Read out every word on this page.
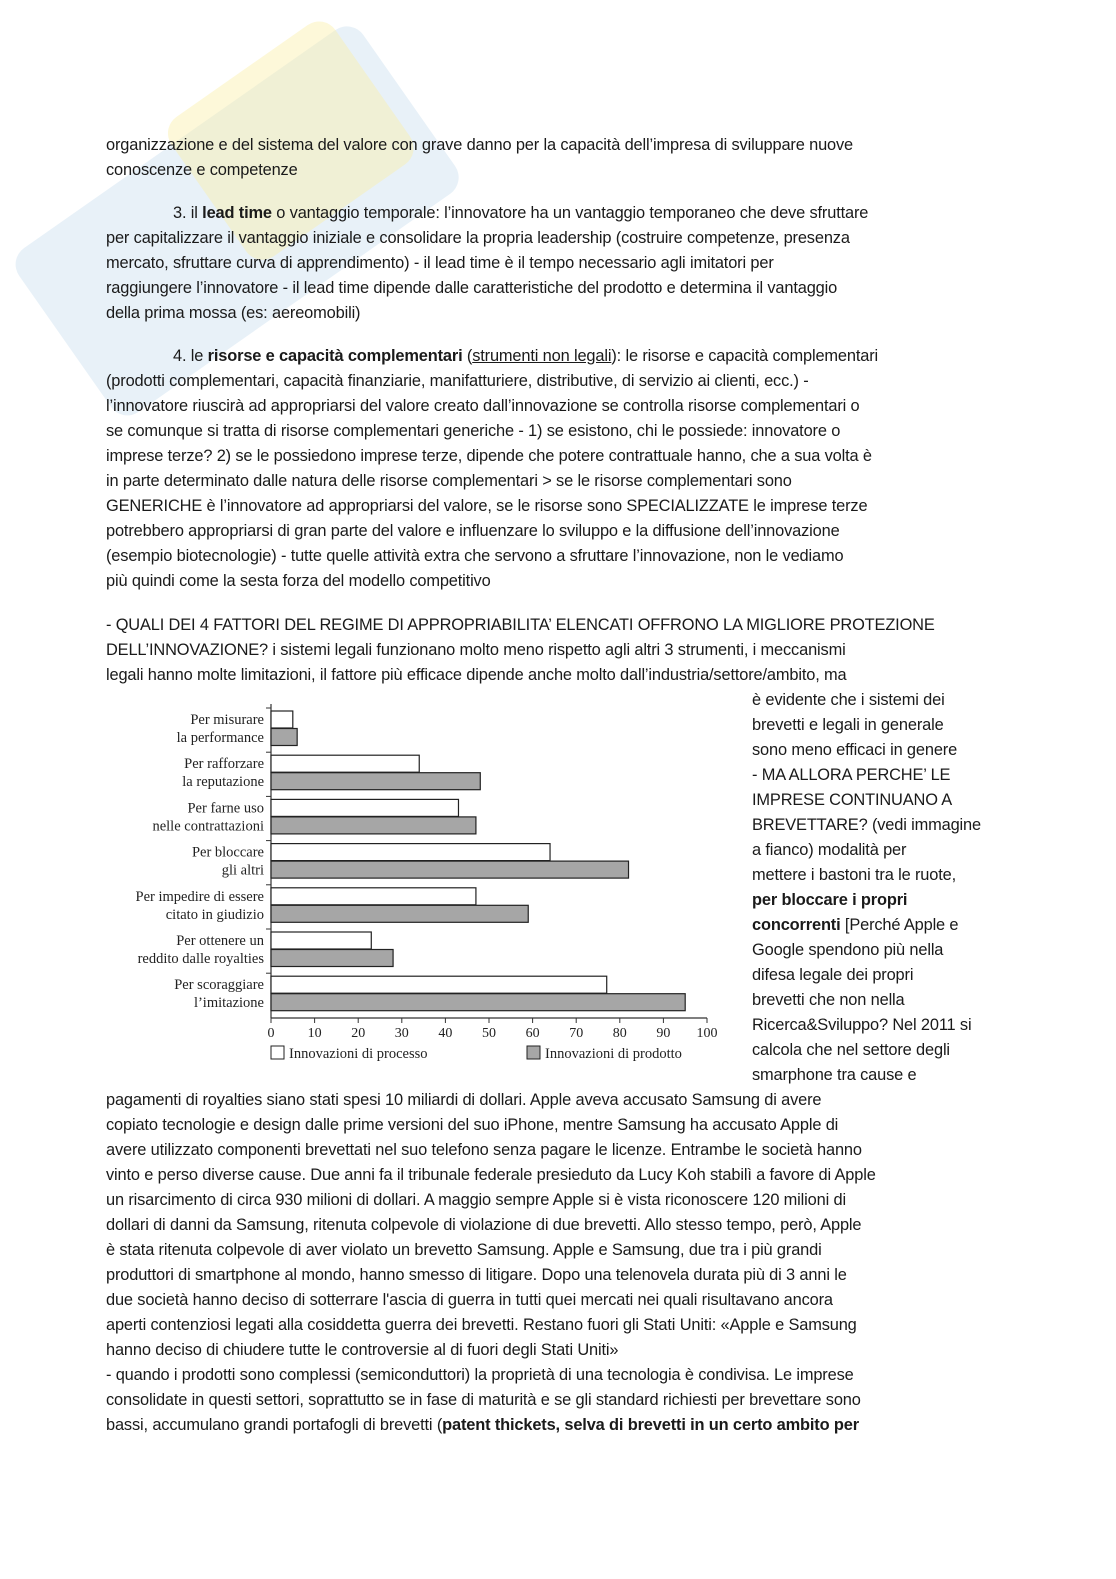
organizzazione e del sistema del valore con grave danno per la capacità dell’impresa di sviluppare nuove
conoscenze e competenze
3. il lead time o vantaggio temporale: l’innovatore ha un vantaggio temporaneo che deve sfruttare
per capitalizzare il vantaggio iniziale e consolidare la propria leadership (costruire competenze, presenza
mercato, sfruttare curva di apprendimento) - il lead time è il tempo necessario agli imitatori per
raggiungere l’innovatore - il lead time dipende dalle caratteristiche del prodotto e determina il vantaggio
della prima mossa (es: aereomobili)
4. le risorse e capacità complementari (strumenti non legali): le risorse e capacità complementari
(prodotti complementari, capacità finanziarie, manifatturiere, distributive, di servizio ai clienti, ecc.) -
l’innovatore riuscirà ad appropriarsi del valore creato dall’innovazione se controlla risorse complementari o
se comunque si tratta di risorse complementari generiche - 1) se esistono, chi le possiede: innovatore o
imprese terze? 2) se le possiedono imprese terze, dipende che potere contrattuale hanno, che a sua volta è
in parte determinato dalle natura delle risorse complementari > se le risorse complementari sono
GENERICHE è l’innovatore ad appropriarsi del valore, se le risorse sono SPECIALIZZATE le imprese terze
potrebbero appropriarsi di gran parte del valore e influenzare lo sviluppo e la diffusione dell’innovazione
(esempio biotecnologie) - tutte quelle attività extra che servono a sfruttare l’innovazione, non le vediamo
più quindi come la sesta forza del modello competitivo
- QUALI DEI 4 FATTORI DEL REGIME DI APPROPRIABILITA’ ELENCATI OFFRONO LA MIGLIORE PROTEZIONE
DELL’INNOVAZIONE? i sistemi legali funzionano molto meno rispetto agli altri 3 strumenti, i meccanismi
legali hanno molte limitazioni, il fattore più efficace dipende anche molto dall’industria/settore/ambito, ma
è evidente che i sistemi dei
brevetti e legali in generale
sono meno efficaci in genere
- MA ALLORA PERCHE’ LE
IMPRESE CONTINUANO A
BREVETTARE? (vedi immagine
a fianco) modalità per
mettere i bastoni tra le ruote,
per bloccare i propri
concorrenti [Perché Apple e
Google spendono più nella
difesa legale dei propri
brevetti che non nella
Ricerca&Sviluppo? Nel 2011 si
calcola che nel settore degli
smarphone tra cause e
pagamenti di royalties siano stati spesi 10 miliardi di dollari. Apple aveva accusato Samsung di avere
copiato tecnologie e design dalle prime versioni del suo iPhone, mentre Samsung ha accusato Apple di
avere utilizzato componenti brevettati nel suo telefono senza pagare le licenze. Entrambe le società hanno
vinto e perso diverse cause. Due anni fa il tribunale federale presieduto da Lucy Koh stabilì a favore di Apple
un risarcimento di circa 930 milioni di dollari. A maggio sempre Apple si è vista riconoscere 120 milioni di
dollari di danni da Samsung, ritenuta colpevole di violazione di due brevetti. Allo stesso tempo, però, Apple
è stata ritenuta colpevole di aver violato un brevetto Samsung. Apple e Samsung, due tra i più grandi
produttori di smartphone al mondo, hanno smesso di litigare. Dopo una telenovela durata più di 3 anni le
due società hanno deciso di sotterrare l'ascia di guerra in tutti quei mercati nei quali risultavano ancora
aperti contenziosi legati alla cosiddetta guerra dei brevetti. Restano fuori gli Stati Uniti: «Apple e Samsung
hanno deciso di chiudere tutte le controversie al di fuori degli Stati Uniti»
- quando i prodotti sono complessi (semiconduttori) la proprietà di una tecnologia è condivisa. Le imprese
consolidate in questi settori, soprattutto se in fase di maturità e se gli standard richiesti per brevettare sono
bassi, accumulano grandi portafogli di brevetti (patent thickets, selva di brevetti in un certo ambito per
0 10 20 30 40 50 60 70 80 90 100
Per misurare
la performance
Per rafforzare
la reputazione
Per farne uso
nelle contrattazioni
Per bloccare
gli altri
Per impedire di essere
citato in giudizio
Per ottenere un
reddito dalle royalties
Per scoraggiare
l’imitazione
Innovazioni di processo	Innovazioni di prodotto
